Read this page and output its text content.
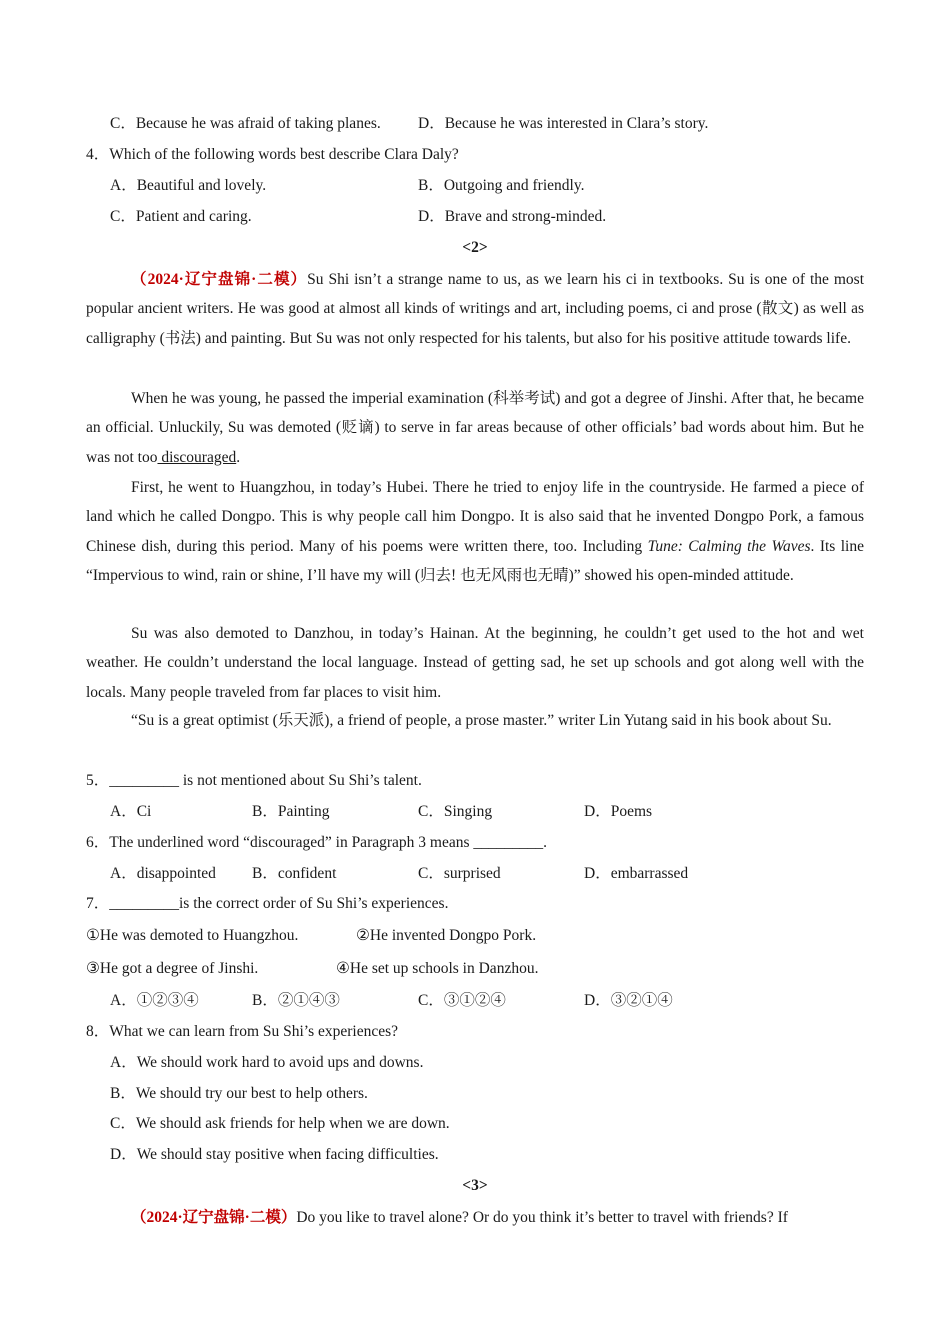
C．Because he was afraid of taking planes. D．Because he was interested in Clara’s story.
4．Which of the following words best describe Clara Daly?
A．Beautiful and lovely.	B．Outgoing and friendly.
C．Patient and caring.	D．Brave and strong-minded.
<2>
（2024·辽宁盘锦·二模）Su Shi isn’t a strange name to us, as we learn his ci in textbooks. Su is one of the most popular ancient writers. He was good at almost all kinds of writings and art, including poems, ci and prose (散文) as well as calligraphy (书法) and painting. But Su was not only respected for his talents, but also for his positive attitude towards life.
When he was young, he passed the imperial examination (科举考试) and got a degree of Jinshi. After that, he became an official. Unluckily, Su was demoted (贬谪) to serve in far areas because of other officials’ bad words about him. But he was not too discouraged.
First, he went to Huangzhou, in today’s Hubei. There he tried to enjoy life in the countryside. He farmed a piece of land which he called Dongpo. This is why people call him Dongpo. It is also said that he invented Dongpo Pork, a famous Chinese dish, during this period. Many of his poems were written there, too. Including Tune: Calming the Waves. Its line “Impervious to wind, rain or shine, I’ll have my will (归去! 也无风雨也无晴)” showed his open-minded attitude.
Su was also demoted to Danzhou, in today’s Hainan. At the beginning, he couldn’t get used to the hot and wet weather. He couldn’t understand the local language. Instead of getting sad, he set up schools and got along well with the locals. Many people traveled from far places to visit him.
“Su is a great optimist (乐天派), a friend of people, a prose master.” writer Lin Yutang said in his book about Su.
5．_________ is not mentioned about Su Shi’s talent.
A．Ci	B．Painting	C．Singing	D．Poems
6．The underlined word “discouraged” in Paragraph 3 means _________.
A．disappointed B．confident	C．surprised	D．embarrassed
7．_________is the correct order of Su Shi’s experiences.
①He was demoted to Huangzhou.	②He invented Dongpo Pork.
③He got a degree of Jinshi.	④He set up schools in Danzhou.
A．①②③④	B．②①④③	C．③①②④	D．③②①④
8．What we can learn from Su Shi’s experiences?
A．We should work hard to avoid ups and downs.
B．We should try our best to help others.
C．We should ask friends for help when we are down.
D．We should stay positive when facing difficulties.
<3>
（2024·辽宁盘锦·二模）Do you like to travel alone? Or do you think it’s better to travel with friends? If
